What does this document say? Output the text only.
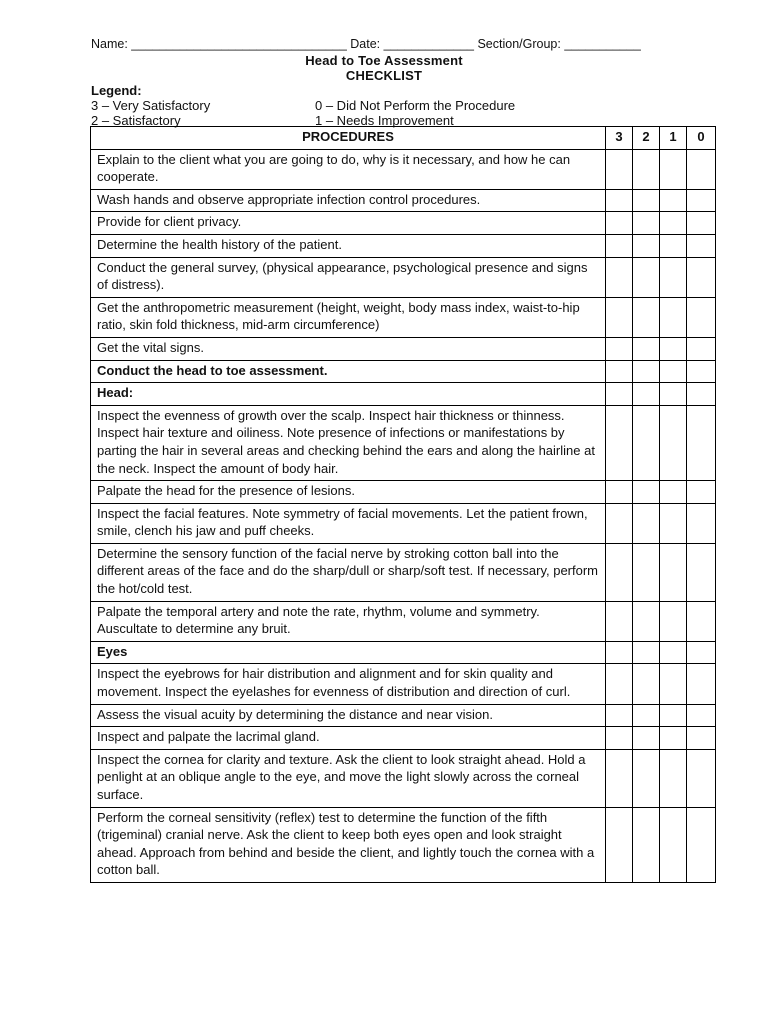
Name: _______________________________ Date: _____________ Section/Group: ___________
Head to Toe Assessment
CHECKLIST
Legend:
3 – Very Satisfactory	0 – Did Not Perform the Procedure
2 – Satisfactory	1 – Needs Improvement
PROCEDURES	3	2	1	0
Explain to the client what you are going to do, why is it necessary, and how he can cooperate.				
Wash hands and observe appropriate infection control procedures.				
Provide for client privacy.				
Determine the health history of the patient.				
Conduct the general survey, (physical appearance, psychological presence and signs of distress).				
Get the anthropometric measurement (height, weight, body mass index, waist-to-hip ratio, skin fold thickness, mid-arm circumference)				
Get the vital signs.				
Conduct the head to toe assessment.				
Head:				
Inspect the evenness of growth over the scalp. Inspect hair thickness or thinness. Inspect hair texture and oiliness. Note presence of infections or manifestations by parting the hair in several areas and checking behind the ears and along the hairline at the neck. Inspect the amount of body hair.				
Palpate the head for the presence of lesions.				
Inspect the facial features. Note symmetry of facial movements. Let the patient frown, smile, clench his jaw and puff cheeks.				
Determine the sensory function of the facial nerve by stroking cotton ball into the different areas of the face and do the sharp/dull or sharp/soft test. If necessary, perform the hot/cold test.				
Palpate the temporal artery and note the rate, rhythm, volume and symmetry. Auscultate to determine any bruit.				
Eyes				
Inspect the eyebrows for hair distribution and alignment and for skin quality and movement. Inspect the eyelashes for evenness of distribution and direction of curl.				
Assess the visual acuity by determining the distance and near vision.				
Inspect and palpate the lacrimal gland.				
Inspect the cornea for clarity and texture. Ask the client to look straight ahead. Hold a penlight at an oblique angle to the eye, and move the light slowly across the corneal surface.				
Perform the corneal sensitivity (reflex) test to determine the function of the fifth (trigeminal) cranial nerve. Ask the client to keep both eyes open and look straight ahead. Approach from behind and beside the client, and lightly touch the cornea with a cotton ball.				
